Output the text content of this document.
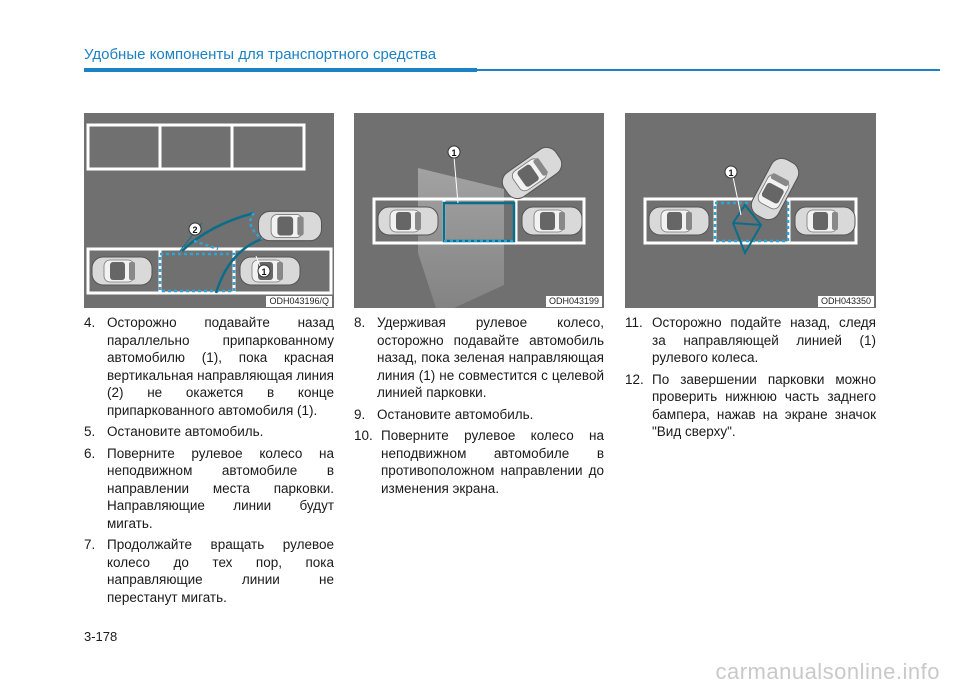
Удобные компоненты для транспортного средства
2
1
ODH043196/Q
1
ODH043199
1
ODH043350
4. Осторожно подавайте назад параллельно припаркованному автомобилю (1), пока красная вертикальная направляющая линия (2) не окажется в конце припаркованного автомобиля (1).
5. Остановите автомобиль.
6. Поверните рулевое колесо на неподвижном автомобиле в направлении места парковки. Направляющие линии будут мигать.
7. Продолжайте вращать рулевое колесо до тех пор, пока направляющие линии не перестанут мигать.
8. Удерживая рулевое колесо, осторожно подавайте автомобиль назад, пока зеленая направляющая линия (1) не совместится с целевой линией парковки.
9. Остановите автомобиль.
10. Поверните рулевое колесо на неподвижном автомобиле в противоположном направлении до изменения экрана.
11. Осторожно подайте назад, следя за направляющей линией (1) рулевого колеса.
12. По завершении парковки можно проверить нижнюю часть заднего бампера, нажав на экране значок "Вид сверху".
3-178
carmanualsonline.info
